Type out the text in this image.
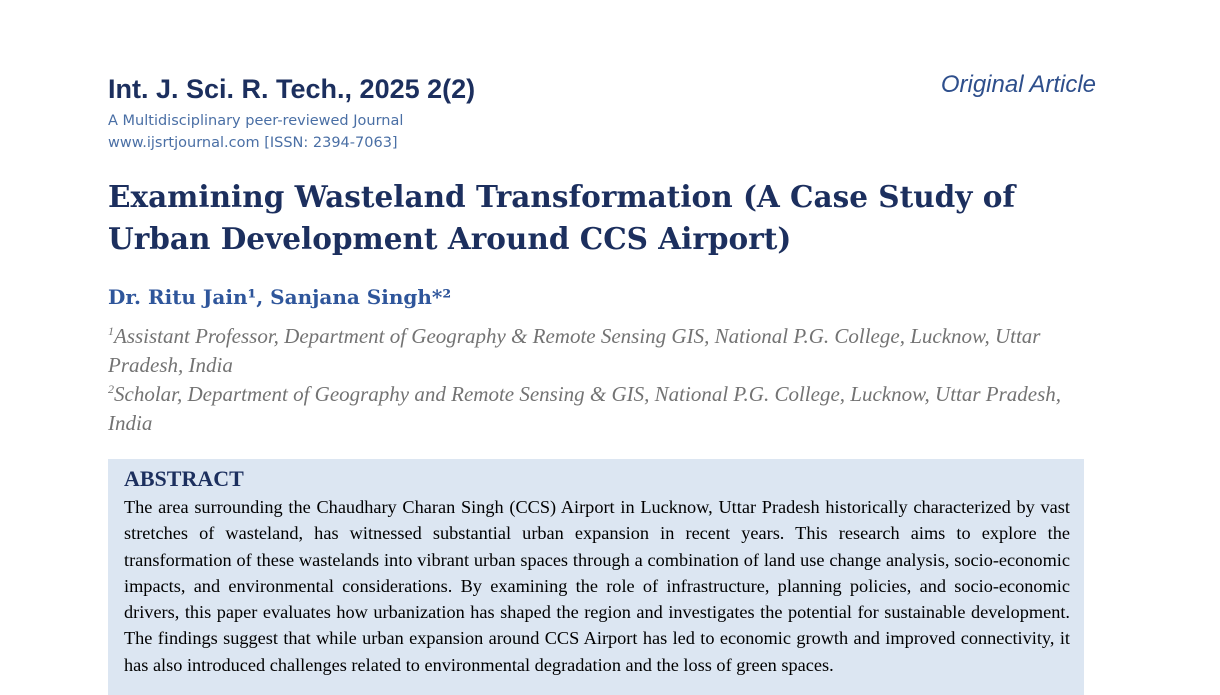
Int. J. Sci. R. Tech., 2025 2(2)	Original Article
A Multidisciplinary peer-reviewed Journal
www.ijsrtjournal.com [ISSN: 2394-7063]
Examining Wasteland Transformation (A Case Study of Urban Development Around CCS Airport)
Dr. Ritu Jain¹, Sanjana Singh*²
$^1$Assistant Professor, Department of Geography & Remote Sensing GIS, National P.G. College, Lucknow, Uttar Pradesh, India
$^2$Scholar, Department of Geography and Remote Sensing & GIS, National P.G. College, Lucknow, Uttar Pradesh, India
ABSTRACT

The area surrounding the Chaudhary Charan Singh (CCS) Airport in Lucknow, Uttar Pradesh historically characterized by vast stretches of wasteland, has witnessed substantial urban expansion in recent years. This research aims to explore the transformation of these wastelands into vibrant urban spaces through a combination of land use change analysis, socio-economic impacts, and environmental considerations. By examining the role of infrastructure, planning policies, and socio-economic drivers, this paper evaluates how urbanization has shaped the region and investigates the potential for sustainable development. The findings suggest that while urban expansion around CCS Airport has led to economic growth and improved connectivity, it has also introduced challenges related to environmental degradation and the loss of green spaces.
